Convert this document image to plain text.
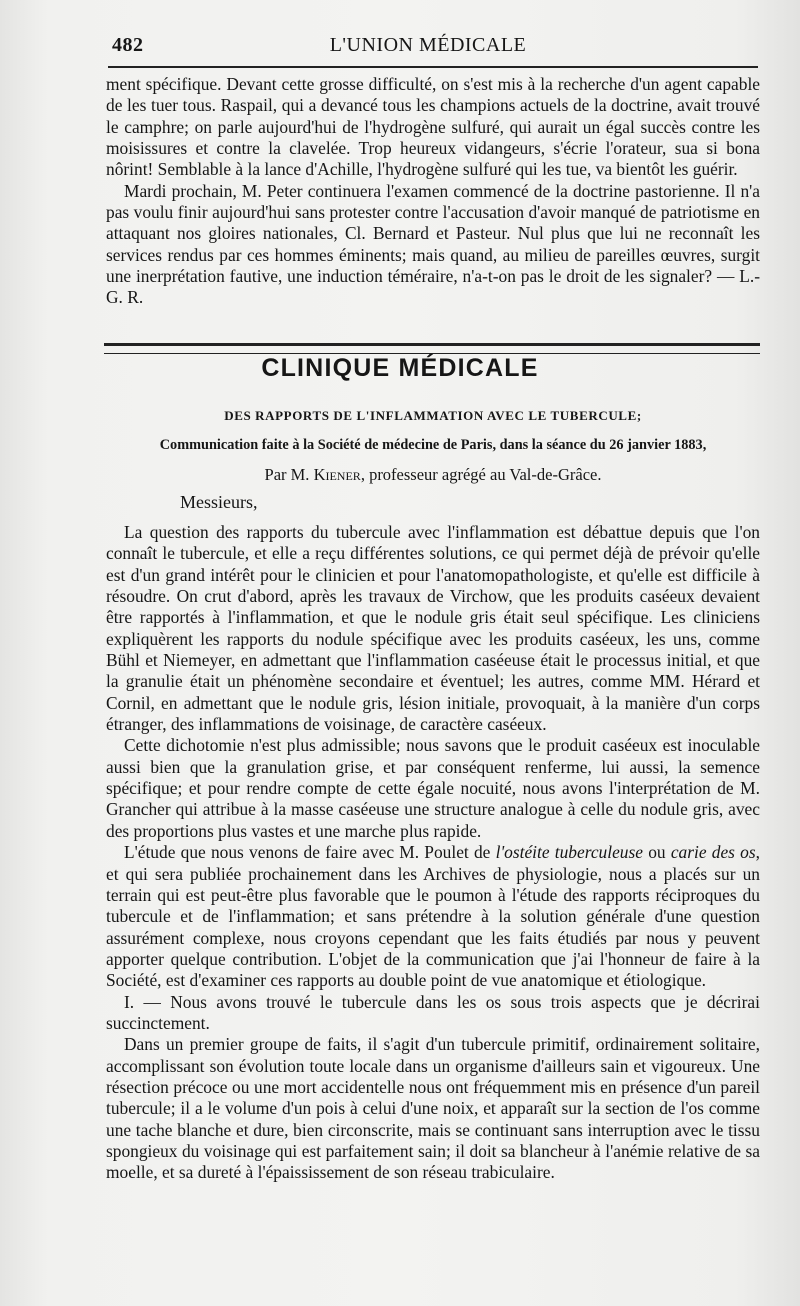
482	L'UNION MÉDICALE

ment spécifique. Devant cette grosse difficulté, on s'est mis à la recherche d'un agent capable de les tuer tous. Raspail, qui a devancé tous les champions actuels de la doctrine, avait trouvé le camphre; on parle aujourd'hui de l'hydrogène sulfuré, qui aurait un égal succès contre les moisissures et contre la clavelée. Trop heureux vidangeurs, s'écrie l'orateur, sua si bona nôrint! Semblable à la lance d'Achille, l'hydrogène sulfuré qui les tue, va bientôt les guérir.

Mardi prochain, M. Peter continuera l'examen commencé de la doctrine pastorienne. Il n'a pas voulu finir aujourd'hui sans protester contre l'accusation d'avoir manqué de patriotisme en attaquant nos gloires nationales, Cl. Bernard et Pasteur. Nul plus que lui ne reconnaît les services rendus par ces hommes éminents; mais quand, au milieu de pareilles œuvres, surgit une inerprétation fautive, une induction téméraire, n'a-t-on pas le droit de les signaler? — L.-G. R.

CLINIQUE MÉDICALE
DES RAPPORTS DE L'INFLAMMATION AVEC LE TUBERCULE;
Communication faite à la Société de médecine de Paris, dans la séance du 26 janvier 1883,
Par M. Kiener, professeur agrégé au Val-de-Grâce.
Messieurs,

La question des rapports du tubercule avec l'inflammation est débattue depuis que l'on connaît le tubercule, et elle a reçu différentes solutions, ce qui permet déjà de prévoir qu'elle est d'un grand intérêt pour le clinicien et pour l'anatomopathologiste, et qu'elle est difficile à résoudre. On crut d'abord, après les travaux de Virchow, que les produits caséeux devaient être rapportés à l'inflammation, et que le nodule gris était seul spécifique. Les cliniciens expliquèrent les rapports du nodule spécifique avec les produits caséeux, les uns, comme Bühl et Niemeyer, en admettant que l'inflammation caséeuse était le processus initial, et que la granulie était un phénomène secondaire et éventuel; les autres, comme MM. Hérard et Cornil, en admettant que le nodule gris, lésion initiale, provoquait, à la manière d'un corps étranger, des inflammations de voisinage, de caractère caséeux.

Cette dichotomie n'est plus admissible; nous savons que le produit caséeux est inoculable aussi bien que la granulation grise, et par conséquent renferme, lui aussi, la semence spécifique; et pour rendre compte de cette égale nocuité, nous avons l'interprétation de M. Grancher qui attribue à la masse caséeuse une structure analogue à celle du nodule gris, avec des proportions plus vastes et une marche plus rapide.

L'étude que nous venons de faire avec M. Poulet de l'ostéite tuberculeuse ou carie des os, et qui sera publiée prochainement dans les Archives de physiologie, nous a placés sur un terrain qui est peut-être plus favorable que le poumon à l'étude des rapports réciproques du tubercule et de l'inflammation; et sans prétendre à la solution générale d'une question assurément complexe, nous croyons cependant que les faits étudiés par nous y peuvent apporter quelque contribution. L'objet de la communication que j'ai l'honneur de faire à la Société, est d'examiner ces rapports au double point de vue anatomique et étiologique.

I. — Nous avons trouvé le tubercule dans les os sous trois aspects que je décrirai succinctement.

Dans un premier groupe de faits, il s'agit d'un tubercule primitif, ordinairement solitaire, accomplissant son évolution toute locale dans un organisme d'ailleurs sain et vigoureux. Une résection précoce ou une mort accidentelle nous ont fréquemment mis en présence d'un pareil tubercule; il a le volume d'un pois à celui d'une noix, et apparaît sur la section de l'os comme une tache blanche et dure, bien circonscrite, mais se continuant sans interruption avec le tissu spongieux du voisinage qui est parfaitement sain; il doit sa blancheur à l'anémie relative de sa moelle, et sa dureté à l'épaississement de son réseau trabiculaire.
